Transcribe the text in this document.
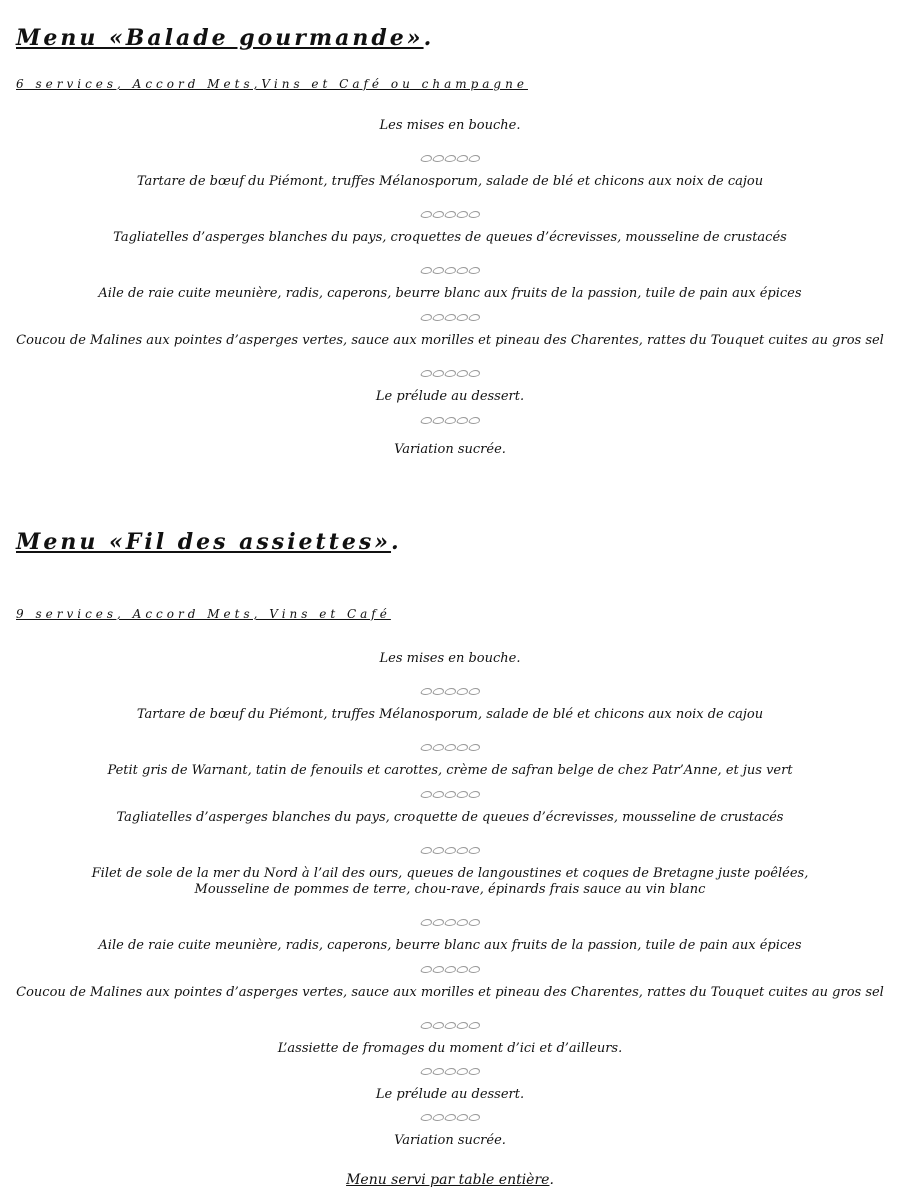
Menu «Balade gourmande».
6 services, Accord Mets,Vins et Café ou champagne

Les mises en bouche.

Tartare de bœuf du Piémont, truffes Mélanosporum, salade de blé et chicons aux noix de cajou

Tagliatelles d’asperges blanches du pays, croquettes de queues d’écrevisses, mousseline de crustacés

Aile de raie cuite meunière, radis, caperons, beurre blanc aux fruits de la passion, tuile de pain aux épices

Coucou de Malines aux pointes d’asperges vertes, sauce aux morilles et pineau des Charentes, rattes du Touquet cuites au gros sel

Le prélude au dessert.

Variation sucrée.

Menu «Fil des assiettes».
9 services, Accord Mets, Vins et Café

Les mises en bouche.

Tartare de bœuf du Piémont, truffes Mélanosporum, salade de blé et chicons aux noix de cajou

Petit gris de Warnant, tatin de fenouils et carottes, crème de safran belge de chez Patr’Anne, et jus vert

Tagliatelles d’asperges blanches du pays, croquette de queues d’écrevisses, mousseline de crustacés

Filet de sole de la mer du Nord à l’ail des ours, queues de langoustines et coques de Bretagne juste poêlées,

Mousseline de pommes de terre, chou-rave, épinards frais sauce au vin blanc

Aile de raie cuite meunière, radis, caperons, beurre blanc aux fruits de la passion, tuile de pain aux épices

Coucou de Malines aux pointes d’asperges vertes, sauce aux morilles et pineau des Charentes, rattes du Touquet cuites au gros sel

L’assiette de fromages du moment d’ici et d’ailleurs.

Le prélude au dessert.

Variation sucrée.

Menu servi par table entière.
